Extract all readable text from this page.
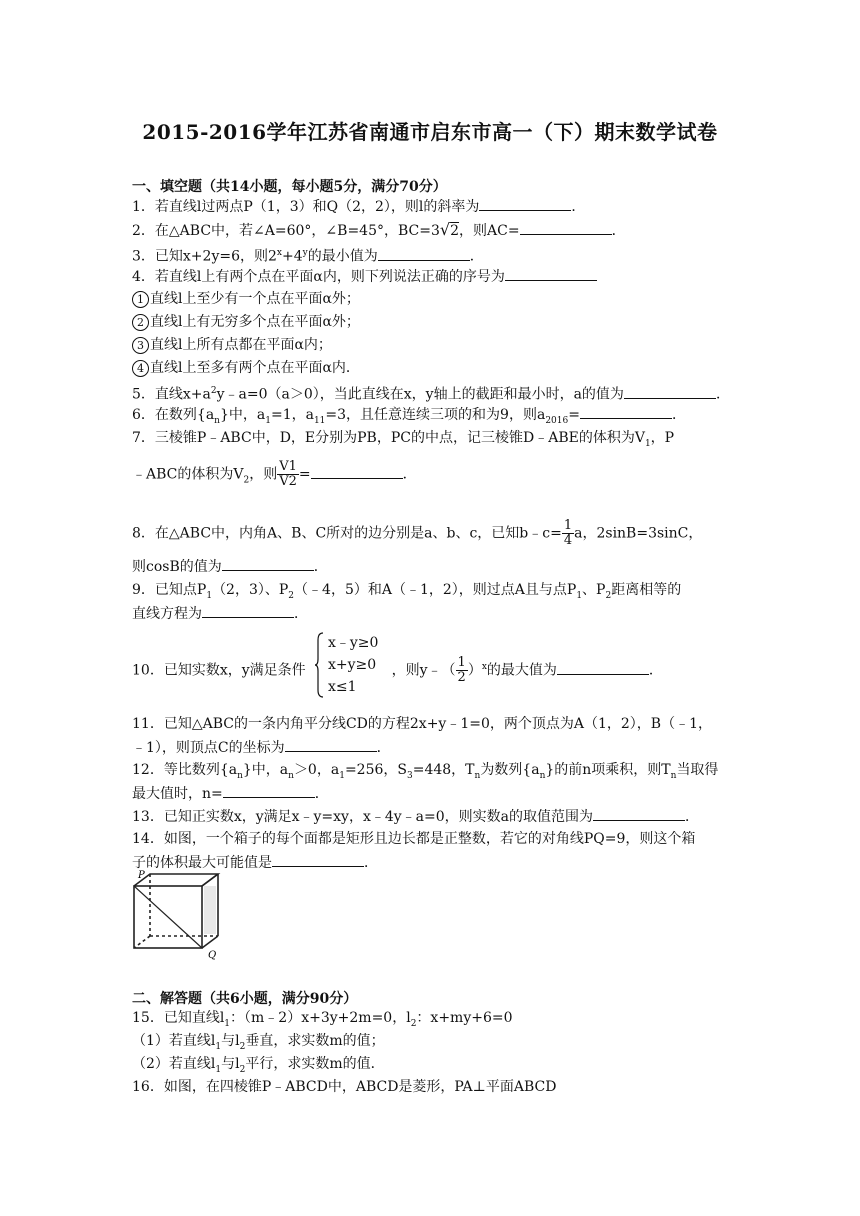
2015-2016学年江苏省南通市启东市高一（下）期末数学试卷
一、填空题（共14小题，每小题5分，满分70分）
1．若直线l过两点P（1，3）和Q（2，2），则l的斜率为	．
2．在△ABC中，若∠A=60°，∠B=45°，BC=3√2，则AC=	．
3．已知x+2y=6，则$2^x+4^y$的最小值为	．
4．若直线l上有两个点在平面α内，则下列说法正确的序号为
1 直线l上至少有一个点在平面α外；
2 直线l上有无穷多个点在平面α外；
3 直线l上所有点都在平面α内；
4 直线l上至多有两个点在平面α内．
5．直线$x+a^2y﹣a=0(a>0)$，当此直线在x，y轴上的截距和最小时，a的值为	．
6．在数列$\{a_n\}$中，$a_1=1$，$a_{11}=3$，且任意连续三项的和为9，则$a_{2016}=$	．
7．三棱锥P﹣ABC中，D，E分别为PB，PC的中点，记三棱锥D﹣ABE的体积为$V_1$，P
﹣ABC的体积为$V_2$，则 $\frac{V1}{V2}$ =	．
8．在△ABC中，内角A、B、C所对的边分别是a、b、c，已知b﹣c= $\frac{1}{4}$ a，2sinB=3sinC，
则cosB的值为	．
9．已知点$P_1(2$，3）、$P_2(﹣4$，5）和A（﹣1，2），则过点A且与点$P_1$、$P_2$距离相等的
直线方程为	．
10．已知实数x，y满足条件	，则y﹣（ $\frac{1}{2} )^x$的最大值为	．
x﹣y≥0
x+y≥0
x≤1
11．已知△ABC的一条内角平分线CD的方程2x+y﹣1=0，两个顶点为A（1，2），B（﹣1，
﹣1），则顶点C的坐标为	．
12．等比数列$\{a_n\}$中，$a_n>0$，$a_1=256$，$S_3=448$，$T_n$为数列$\{a_n\}$的前n项乘积，则$T_n$当取得
最大值时，n=	．
13．已知正实数x，y满足x﹣y=xy，x﹣4y﹣a=0，则实数a的取值范围为	．
14．如图，一个箱子的每个面都是矩形且边长都是正整数，若它的对角线PQ=9，则这个箱
子的体积最大可能值是	．
P
Q
二、解答题（共6小题，满分90分）
15．已知直线$l_1$：（m﹣2）x+3y+2m=0，$l_2$：x+my+6=0
（1）若直线$l_1$与$l_2$垂直，求实数m的值；
（2）若直线$l_1$与$l_2$平行，求实数m的值．
16．如图，在四棱锥P﹣ABCD中，ABCD是菱形，PA⊥平面ABCD
